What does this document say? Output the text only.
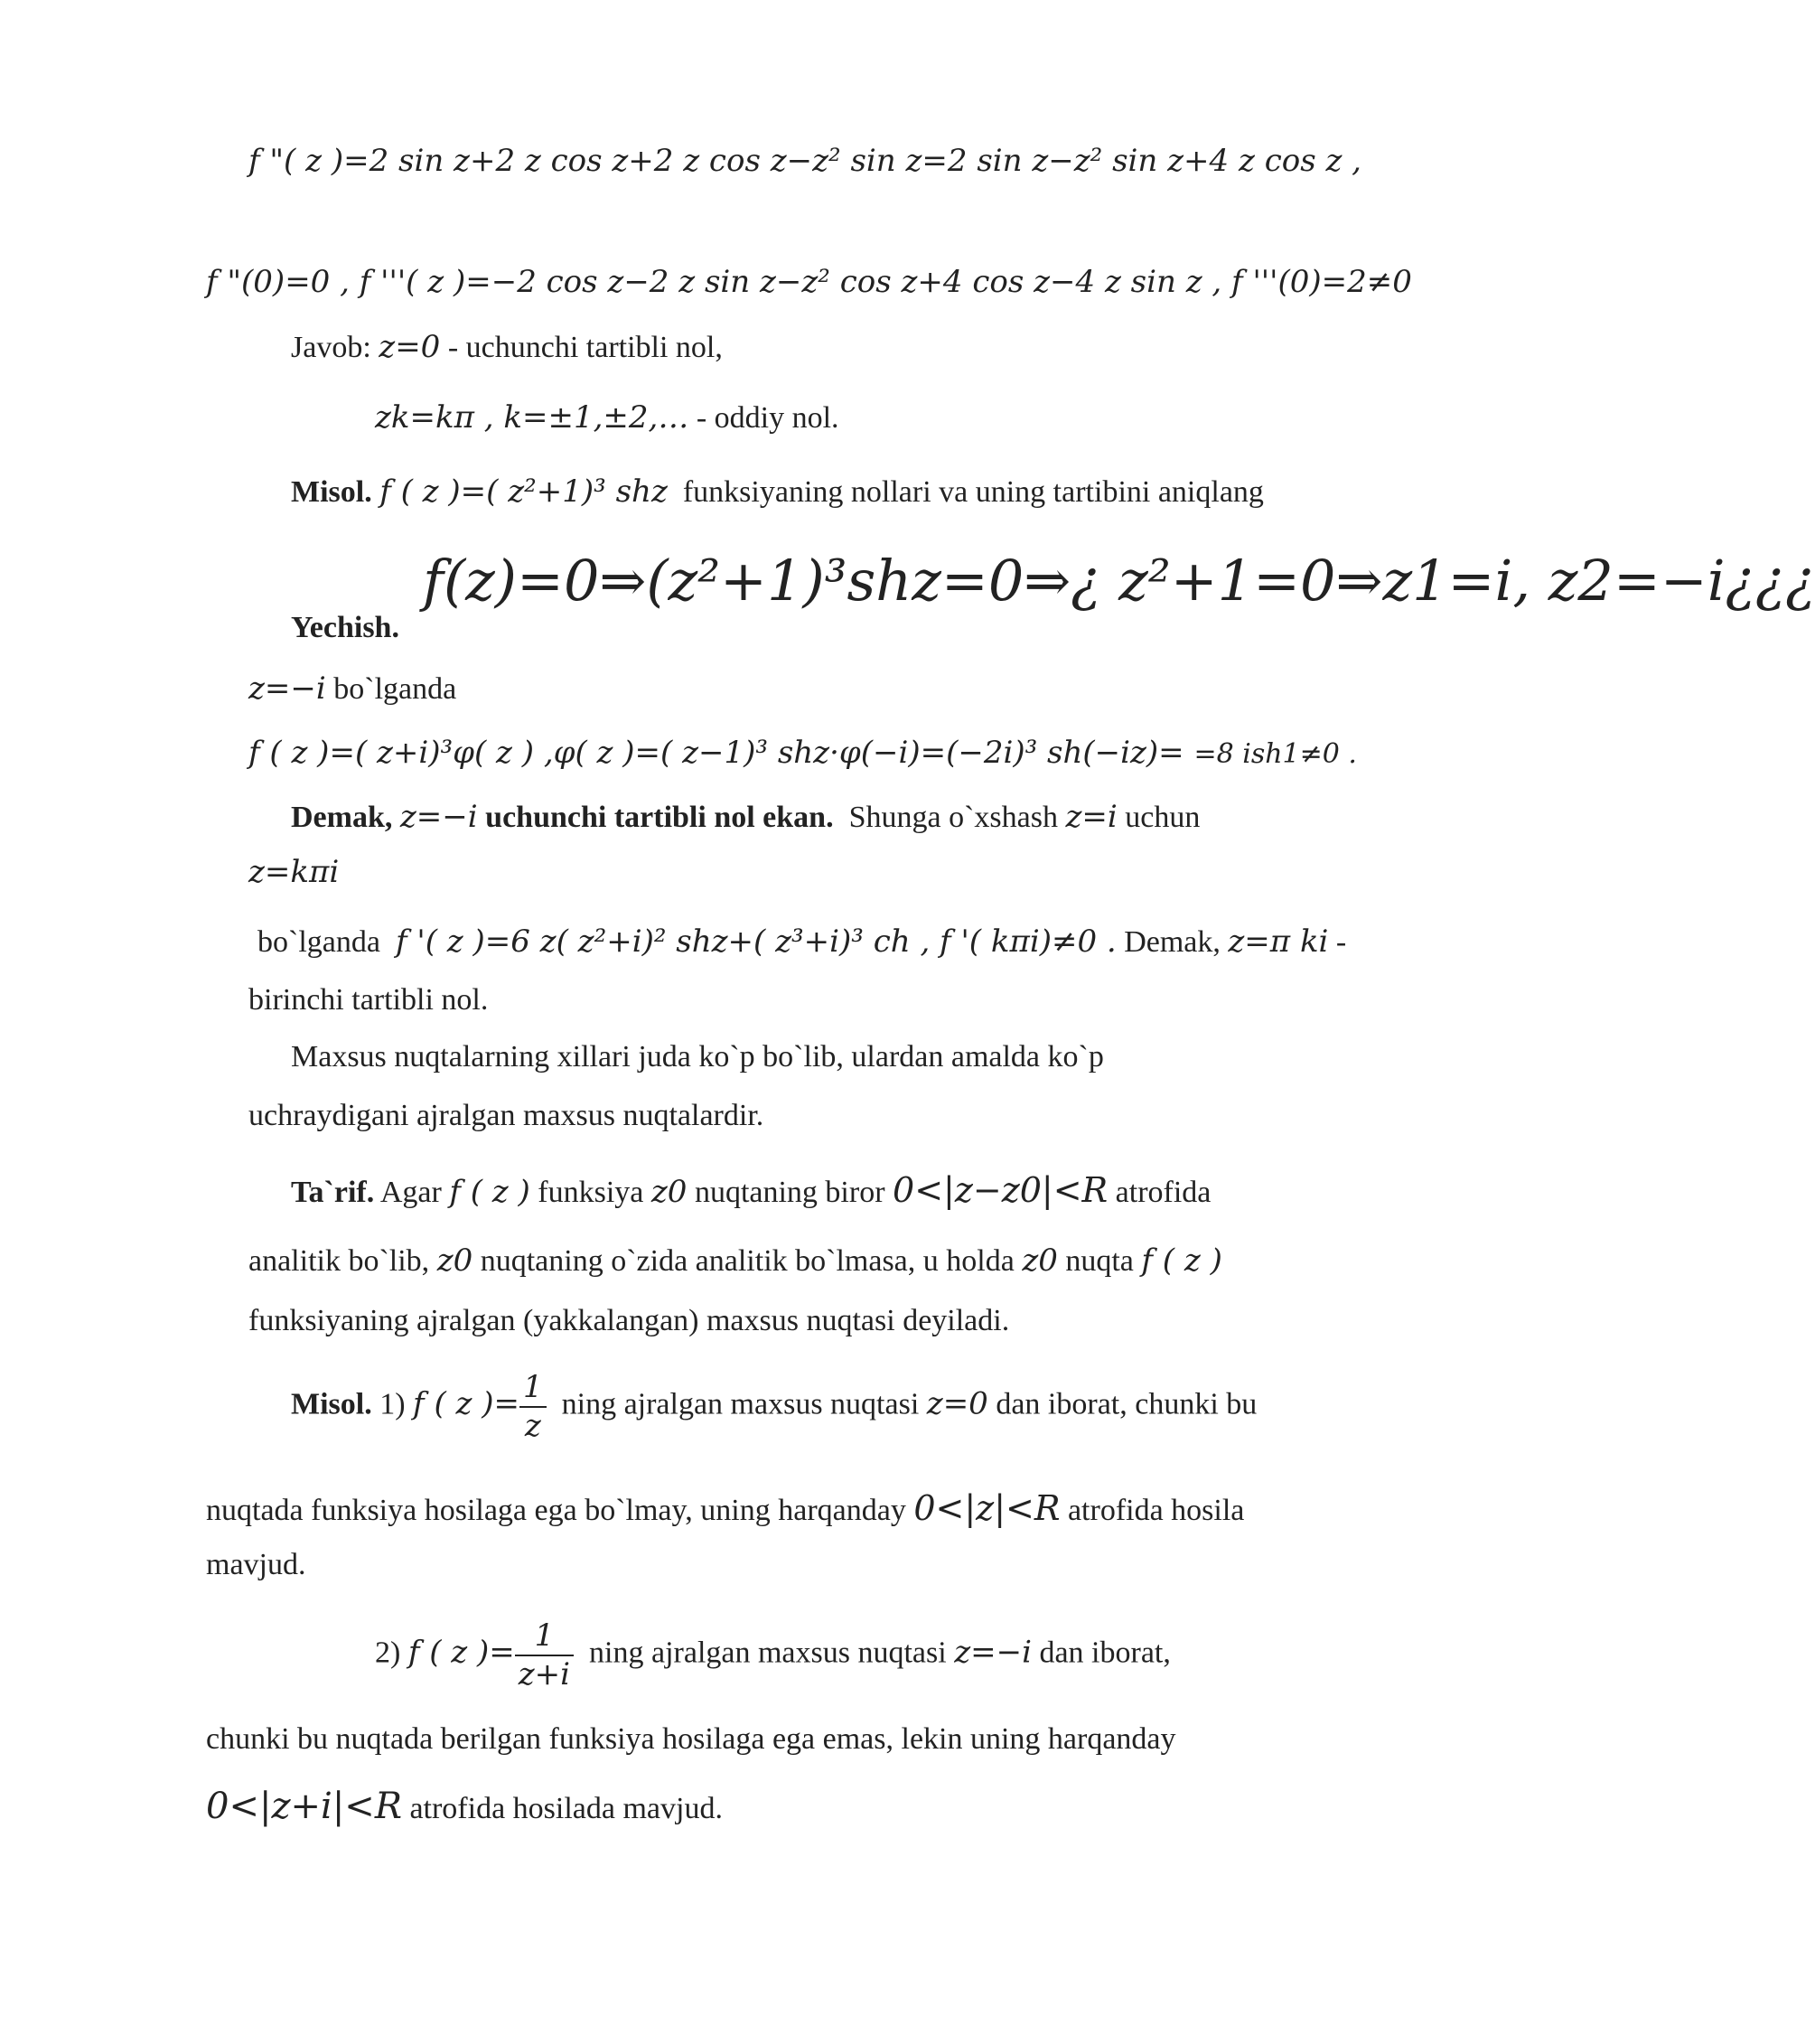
f "( z )=2 sin z+2 z cos z+2 z cos z−z² sin z=2 sin z−z² sin z+4 z cos z ,
f "(0)=0 , f '''( z )=−2 cos z−2 z sin z−z² cos z+4 cos z−4 z sin z , f '''(0)=2≠0
Javob: z=0 - uchunchi tartibli nol,
zk=kπ , k=±1,±2,… - oddiy nol.
Misol. f ( z )=( z²+1)³ shz funksiyaning nollari va uning tartibini aniqlang
Yechish.
f(z)=0⇒(z²+1)³shz=0⇒¿ z²+1=0⇒z1=i, z2=−i¿¿¿
z=−i bo`lganda
f ( z )=( z+i)³φ( z ) ,φ( z )=( z−1)³ shz·φ(−i)=(−2i)³ sh(−iz)= =8 ish1≠0 .
Demak, z=−i uchunchi tartibli nol ekan. Shunga o`xshash z=i uchun
z=kπi
bo`lganda f '( z )=6 z( z²+i)² shz+( z³+i)³ ch , f '( kπi)≠0 . Demak, z=π ki -
birinchi tartibli nol.
Maxsus nuqtalarning xillari juda ko`p bo`lib, ulardan amalda ko`p
uchraydigani ajralgan maxsus nuqtalardir.
Ta`rif. Agar f ( z ) funksiya z0 nuqtaning biror 0<|z−z0|<R atrofida
analitik bo`lib, z0 nuqtaning o`zida analitik bo`lmasa, u holda z0 nuqta f ( z )
funksiyaning ajralgan (yakkalangan) maxsus nuqtasi deyiladi.
Misol. 1) f ( z )= $\frac{1}{z}$ ning ajralgan maxsus nuqtasi z=0 dan iborat, chunki bu
nuqtada funksiya hosilaga ega bo`lmay, uning harqanday 0<|z|<R atrofida hosila
mavjud.
2) f ( z )= $\frac{1}{z+i}$ ning ajralgan maxsus nuqtasi z=−i dan iborat,
chunki bu nuqtada berilgan funksiya hosilaga ega emas, lekin uning harqanday
0<|z+i|<R atrofida hosilada mavjud.
